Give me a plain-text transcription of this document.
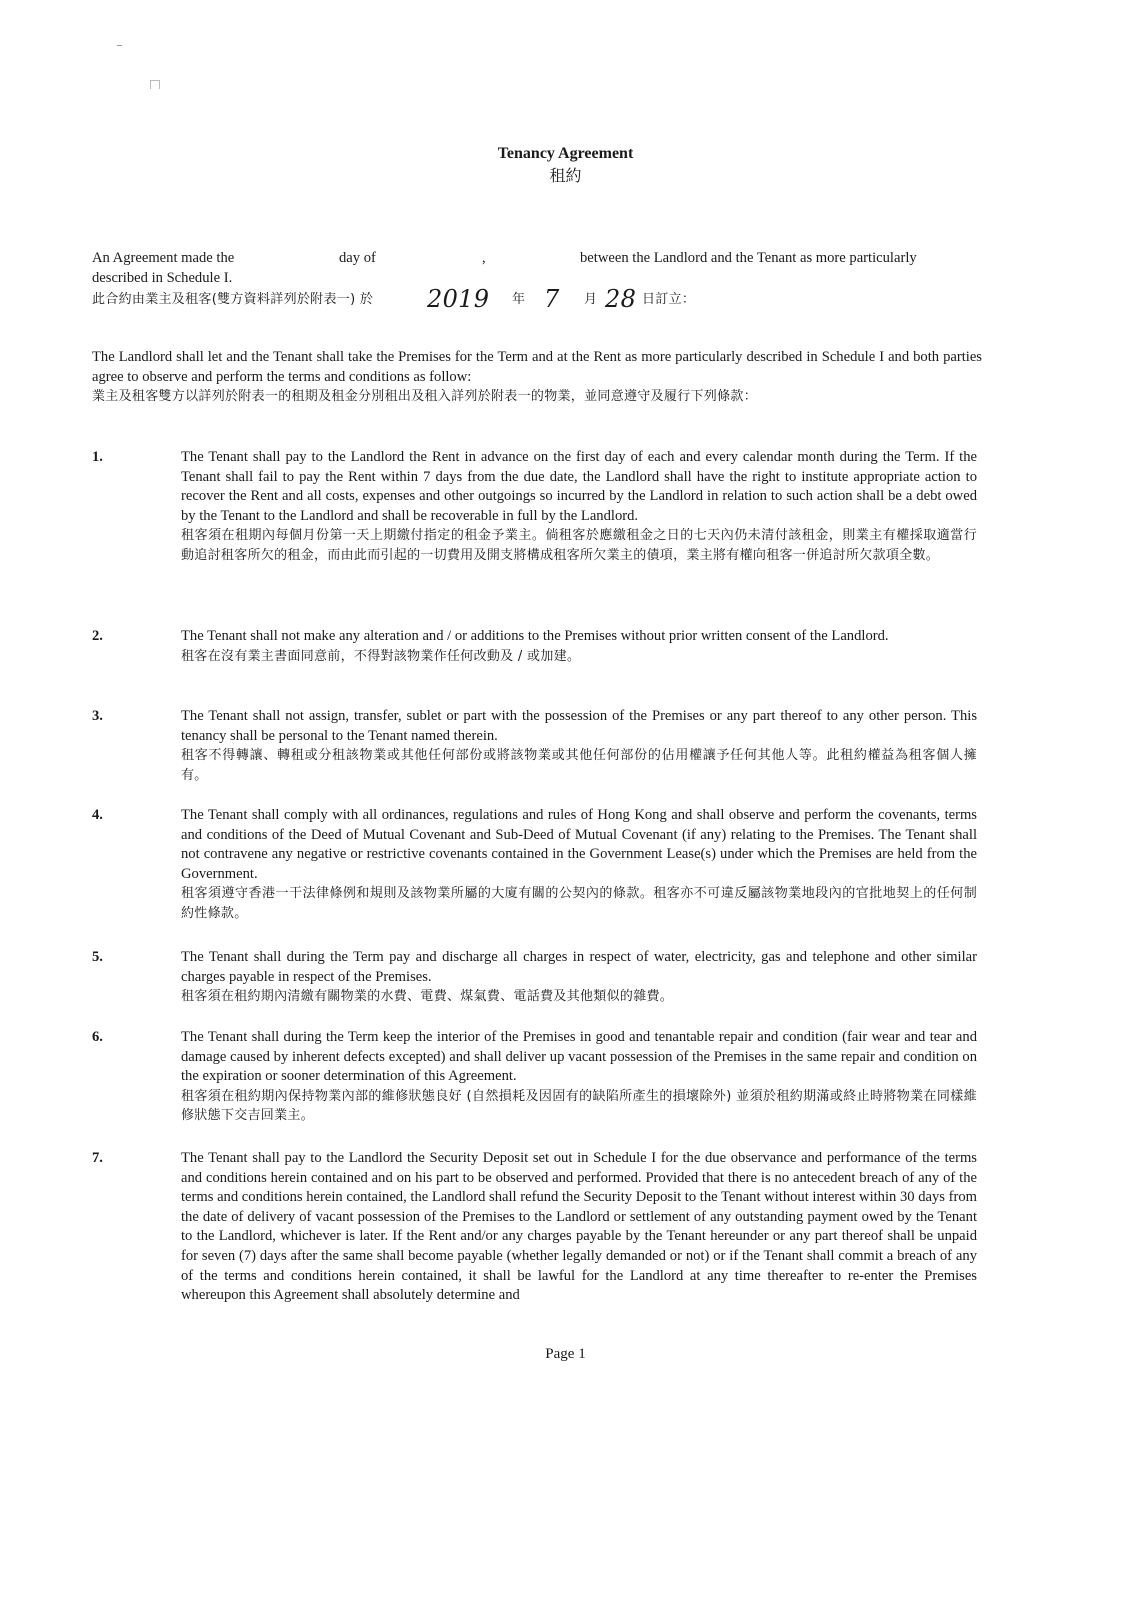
Tenancy Agreement
租約
An Agreement made the	day of	,	between the Landlord and the Tenant as more particularly
described in Schedule I.
此合約由業主及租客(雙方資料詳列於附表一) 於 2019 年 7 月 28 日訂立：
The Landlord shall let and the Tenant shall take the Premises for the Term and at the Rent as more particularly described in Schedule I and both parties agree to observe and perform the terms and conditions as follow:
業主及租客雙方以詳列於附表一的租期及租金分別租出及租入詳列於附表一的物業，並同意遵守及履行下列條款：
1.	The Tenant shall pay to the Landlord the Rent in advance on the first day of each and every calendar month during the Term. If the Tenant shall fail to pay the Rent within 7 days from the due date, the Landlord shall have the right to institute appropriate action to recover the Rent and all costs, expenses and other outgoings so incurred by the Landlord in relation to such action shall be a debt owed by the Tenant to the Landlord and shall be recoverable in full by the Landlord.
租客須在租期內每個月份第一天上期繳付指定的租金予業主。倘租客於應繳租金之日的七天內仍未清付該租金，則業主有權採取適當行動追討租客所欠的租金，而由此而引起的一切費用及開支將構成租客所欠業主的債項，業主將有權向租客一併追討所欠款項全數。
2.	The Tenant shall not make any alteration and / or additions to the Premises without prior written consent of the Landlord.
租客在沒有業主書面同意前，不得對該物業作任何改動及 / 或加建。
3.	The Tenant shall not assign, transfer, sublet or part with the possession of the Premises or any part thereof to any other person. This tenancy shall be personal to the Tenant named therein.
租客不得轉讓、轉租或分租該物業或其他任何部份或將該物業或其他任何部份的佔用權讓予任何其他人等。此租約權益為租客個人擁有。
4.	The Tenant shall comply with all ordinances, regulations and rules of Hong Kong and shall observe and perform the covenants, terms and conditions of the Deed of Mutual Covenant and Sub-Deed of Mutual Covenant (if any) relating to the Premises. The Tenant shall not contravene any negative or restrictive covenants contained in the Government Lease(s) under which the Premises are held from the Government.
租客須遵守香港一干法律條例和規則及該物業所屬的大廈有關的公契內的條款。租客亦不可違反屬該物業地段內的官批地契上的任何制約性條款。
5.	The Tenant shall during the Term pay and discharge all charges in respect of water, electricity, gas and telephone and other similar charges payable in respect of the Premises.
租客須在租約期內清繳有關物業的水費、電費、煤氣費、電話費及其他類似的雜費。
6.	The Tenant shall during the Term keep the interior of the Premises in good and tenantable repair and condition (fair wear and tear and damage caused by inherent defects excepted) and shall deliver up vacant possession of the Premises in the same repair and condition on the expiration or sooner determination of this Agreement.
租客須在租約期內保持物業內部的維修狀態良好 (自然損耗及因固有的缺陷所產生的損壞除外) 並須於租約期滿或終止時將物業在同樣維修狀態下交吉回業主。
7.	The Tenant shall pay to the Landlord the Security Deposit set out in Schedule I for the due observance and performance of the terms and conditions herein contained and on his part to be observed and performed. Provided that there is no antecedent breach of any of the terms and conditions herein contained, the Landlord shall refund the Security Deposit to the Tenant without interest within 30 days from the date of delivery of vacant possession of the Premises to the Landlord or settlement of any outstanding payment owed by the Tenant to the Landlord, whichever is later. If the Rent and/or any charges payable by the Tenant hereunder or any part thereof shall be unpaid for seven (7) days after the same shall become payable (whether legally demanded or not) or if the Tenant shall commit a breach of any of the terms and conditions herein contained, it shall be lawful for the Landlord at any time thereafter to re-enter the Premises whereupon this Agreement shall absolutely determine and
Page 1
